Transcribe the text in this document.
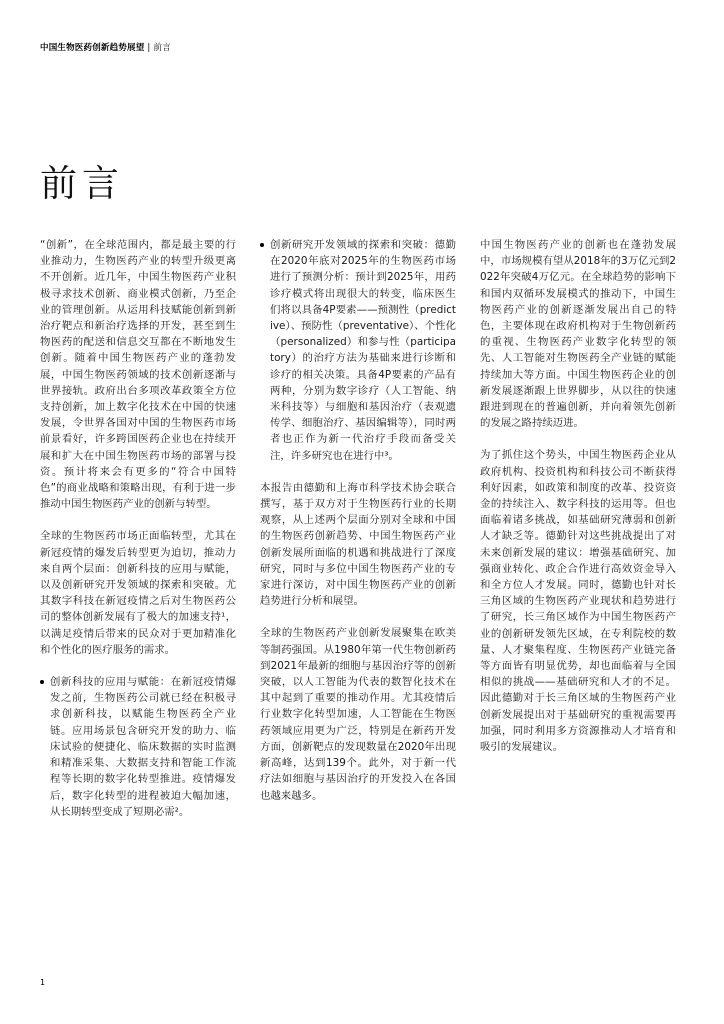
中国生物医药创新趋势展望 | 前言
前言

“创新”，在全球范围内，都是最主要的行业推动力，生物医药产业的转型升级更离不开创新。近几年，中国生物医药产业积极寻求技术创新、商业模式创新，乃至企业的管理创新。从运用科技赋能创新到新治疗靶点和新治疗选择的开发，甚至到生物医药的配送和信息交互都在不断地发生创新。随着中国生物医药产业的蓬勃发展，中国生物医药领域的技术创新逐渐与世界接轨。政府出台多项改革政策全方位支持创新，加上数字化技术在中国的快速发展，令世界各国对中国的生物医药市场前景看好，许多跨国医药企业也在持续开展和扩大在中国生物医药市场的部署与投资。预计将来会有更多的“符合中国特色”的商业战略和策略出现，有利于进一步推动中国生物医药产业的创新与转型。

全球的生物医药市场正面临转型，尤其在新冠疫情的爆发后转型更为迫切，推动力来自两个层面：创新科技的应用与赋能，以及创新研究开发领域的探索和突破。尤其数字科技在新冠疫情之后对生物医药公司的整体创新发展有了极大的加速支持¹，以满足疫情后带来的民众对于更加精准化和个性化的医疗服务的需求。

创新科技的应用与赋能：在新冠疫情爆发之前，生物医药公司就已经在积极寻求创新科技，以赋能生物医药全产业链。应用场景包含研究开发的助力、临床试验的便捷化、临床数据的实时监测和精准采集、大数据支持和智能工作流程等长期的数字化转型推进。疫情爆发后，数字化转型的进程被迫大幅加速，从长期转型变成了短期必需²。
创新研究开发领域的探索和突破：德勤在2020年底对2025年的生物医药市场进行了预测分析：预计到2025年，用药诊疗模式将出现很大的转变，临床医生们将以具备4P要素——预测性（predictive）、预防性（preventative）、个性化（personalized）和参与性（participatory）的治疗方法为基础来进行诊断和诊疗的相关决策。具备4P要素的产品有两种，分别为数字诊疗（人工智能、纳米科技等）与细胞和基因治疗（表观遗传学、细胞治疗、基因编辑等），同时两者也正作为新一代治疗手段而备受关注，许多研究也在进行中³。

本报告由德勤和上海市科学技术协会联合撰写，基于双方对于生物医药行业的长期观察，从上述两个层面分别对全球和中国的生物医药创新趋势、中国生物医药产业创新发展所面临的机遇和挑战进行了深度研究，同时与多位中国生物医药产业的专家进行深访，对中国生物医药产业的创新趋势进行分析和展望。

全球的生物医药产业创新发展聚集在欧美等制药强国。从1980年第一代生物创新药到2021年最新的细胞与基因治疗等的创新突破，以人工智能为代表的数智化技术在其中起到了重要的推动作用。尤其疫情后行业数字化转型加速，人工智能在生物医药领域应用更为广泛，特别是在新药开发方面，创新靶点的发现数量在2020年出现新高峰，达到139个。此外，对于新一代疗法如细胞与基因治疗的开发投入在各国也越来越多。

中国生物医药产业的创新也在蓬勃发展中，市场规模有望从2018年的3万亿元到2022年突破4万亿元。在全球趋势的影响下和国内双循环发展模式的推动下，中国生物医药产业的创新逐渐发展出自己的特色，主要体现在政府机构对于生物创新药的重视、生物医药产业数字化转型的领先、人工智能对生物医药全产业链的赋能持续加大等方面。中国生物医药企业的创新发展逐渐跟上世界脚步，从以往的快速跟进到现在的普遍创新，并向着领先创新的发展之路持续迈进。

为了抓住这个势头，中国生物医药企业从政府机构、投资机构和科技公司不断获得利好因素，如政策和制度的改革、投资资金的持续注入、数字科技的运用等。但也面临着诸多挑战，如基础研究薄弱和创新人才缺乏等。德勤针对这些挑战提出了对未来创新发展的建议：增强基础研究、加强商业转化、政企合作进行高效资金导入和全方位人才发展。同时，德勤也针对长三角区域的生物医药产业现状和趋势进行了研究，长三角区域作为中国生物医药产业的创新研发领先区域，在专利院校的数量、人才聚集程度、生物医药产业链完备等方面皆有明显优势，却也面临着与全国相似的挑战——基础研究和人才的不足。因此德勤对于长三角区域的生物医药产业创新发展提出对于基础研究的重视需要再加强，同时利用多方资源推动人才培育和吸引的发展建议。

1
